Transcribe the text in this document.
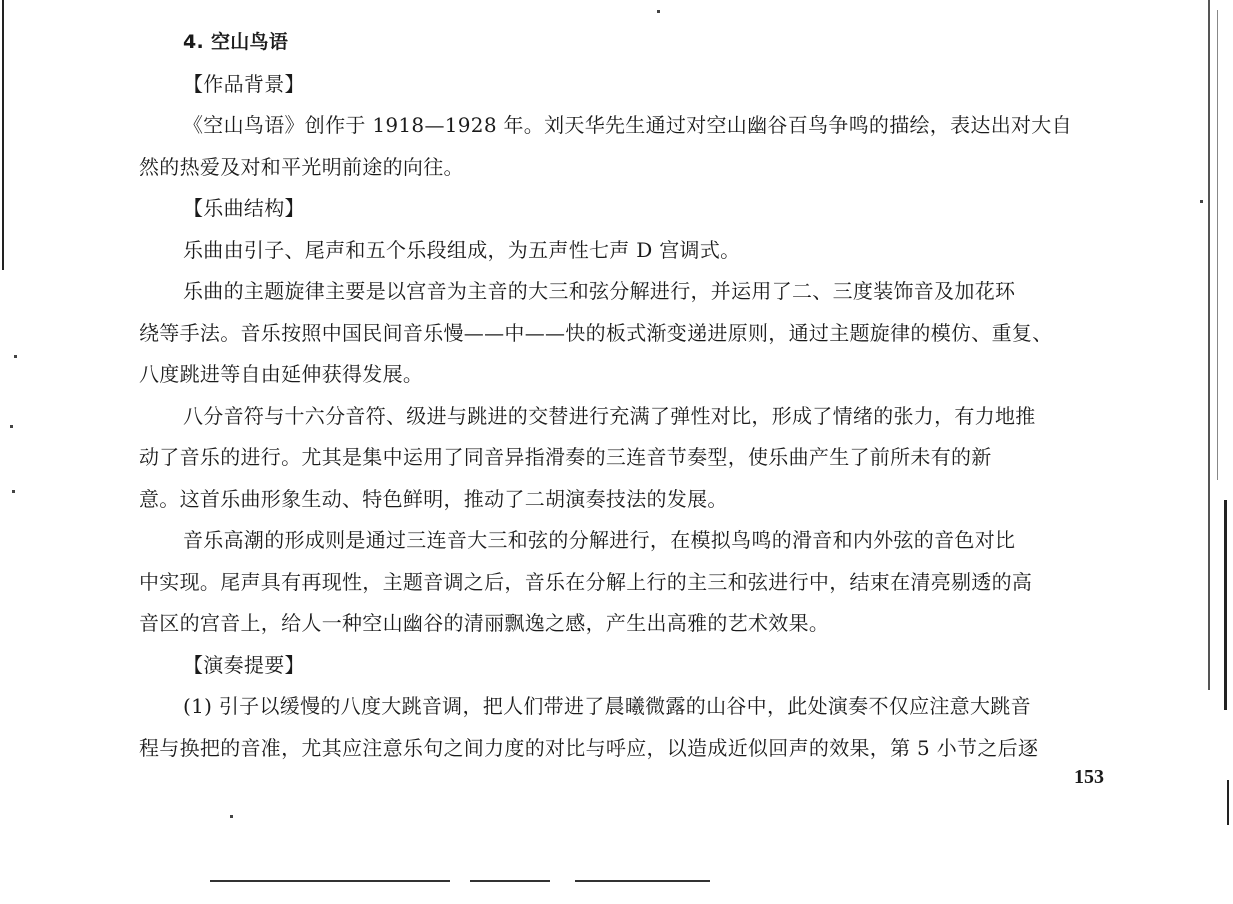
4. 空山鸟语
【作品背景】
《空山鸟语》创作于 1918—1928 年。刘天华先生通过对空山幽谷百鸟争鸣的描绘，表达出对大自
然的热爱及对和平光明前途的向往。
【乐曲结构】
乐曲由引子、尾声和五个乐段组成，为五声性七声 D 宫调式。
乐曲的主题旋律主要是以宫音为主音的大三和弦分解进行，并运用了二、三度装饰音及加花环
绕等手法。音乐按照中国民间音乐慢——中——快的板式渐变递进原则，通过主题旋律的模仿、重复、
八度跳进等自由延伸获得发展。
八分音符与十六分音符、级进与跳进的交替进行充满了弹性对比，形成了情绪的张力，有力地推
动了音乐的进行。尤其是集中运用了同音异指滑奏的三连音节奏型，使乐曲产生了前所未有的新
意。这首乐曲形象生动、特色鲜明，推动了二胡演奏技法的发展。
音乐高潮的形成则是通过三连音大三和弦的分解进行，在模拟鸟鸣的滑音和内外弦的音色对比
中实现。尾声具有再现性，主题音调之后，音乐在分解上行的主三和弦进行中，结束在清亮剔透的高
音区的宫音上，给人一种空山幽谷的清丽飘逸之感，产生出高雅的艺术效果。
【演奏提要】
(1) 引子以缓慢的八度大跳音调，把人们带进了晨曦微露的山谷中，此处演奏不仅应注意大跳音
程与换把的音准，尤其应注意乐句之间力度的对比与呼应，以造成近似回声的效果，第 5 小节之后逐
153
